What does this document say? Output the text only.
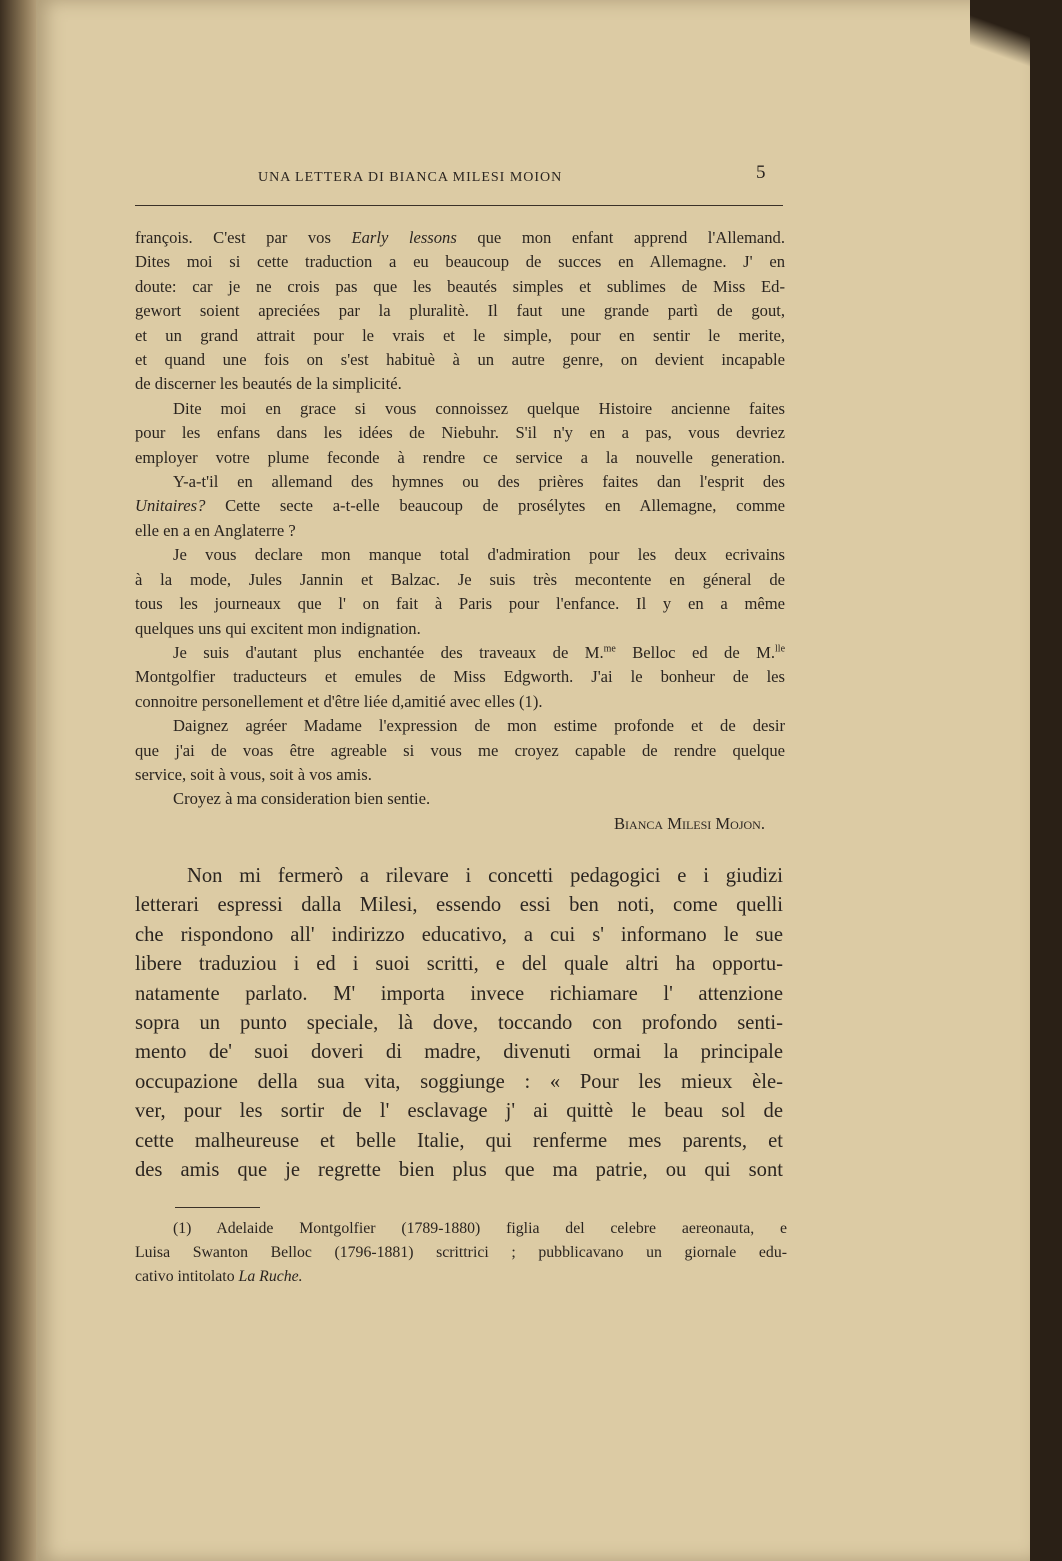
UNA LETTERA DI BIANCA MILESI MOION	5
françois. C'est par vos Early lessons que mon enfant apprend l'Allemand.
Dites moi si cette traduction a eu beaucoup de succes en Allemagne. J' en
doute: car je ne crois pas que les beautés simples et sublimes de Miss Ed-
gewort soient apreciées par la pluralitè. Il faut une grande partì de gout,
et un grand attrait pour le vrais et le simple, pour en sentir le merite,
et quand une fois on s'est habituè à un autre genre, on devient incapable
de discerner les beautés de la simplicité.
Dite moi en grace si vous connoissez quelque Histoire ancienne faites
pour les enfans dans les idées de Niebuhr. S'il n'y en a pas, vous devriez
employer votre plume feconde à rendre ce service a la nouvelle generation.
Y-a-t'il en allemand des hymnes ou des prières faites dan l'esprit des
Unitaires? Cette secte a-t-elle beaucoup de prosélytes en Allemagne, comme
elle en a en Anglaterre ?
Je vous declare mon manque total d'admiration pour les deux ecrivains
à la mode, Jules Jannin et Balzac. Je suis très mecontente en géneral de
tous les journeaux que l' on fait à Paris pour l'enfance. Il y en a même
quelques uns qui excitent mon indignation.
Je suis d'autant plus enchantée des traveaux de M.$^{me}$ Belloc ed de M.$^{lle}$
Montgolfier traducteurs et emules de Miss Edgworth. J'ai le bonheur de les
connoitre personellement et d'être liée d,amitié avec elles (1).
Daignez agréer Madame l'expression de mon estime profonde et de desir
que j'ai de voas être agreable si vous me croyez capable de rendre quelque
service, soit à vous, soit à vos amis.
Croyez à ma consideration bien sentie.
Bianca Milesi Mojon.
Non mi fermerò a rilevare i concetti pedagogici e i giudizi
letterari espressi dalla Milesi, essendo essi ben noti, come quelli
che rispondono all' indirizzo educativo, a cui s' informano le sue
libere traduziou i ed i suoi scritti, e del quale altri ha opportu-
natamente parlato. M' importa invece richiamare l' attenzione
sopra un punto speciale, là dove, toccando con profondo senti-
mento de' suoi doveri di madre, divenuti ormai la principale
occupazione della sua vita, soggiunge : « Pour les mieux èle-
ver, pour les sortir de l' esclavage j' ai quittè le beau sol de
cette malheureuse et belle Italie, qui renferme mes parents, et
des amis que je regrette bien plus que ma patrie, ou qui sont
(1) Adelaide Montgolfier (1789-1880) figlia del celebre aereonauta, e
Luisa Swanton Belloc (1796-1881) scrittrici ; pubblicavano un giornale edu-
cativo intitolato La Ruche.
